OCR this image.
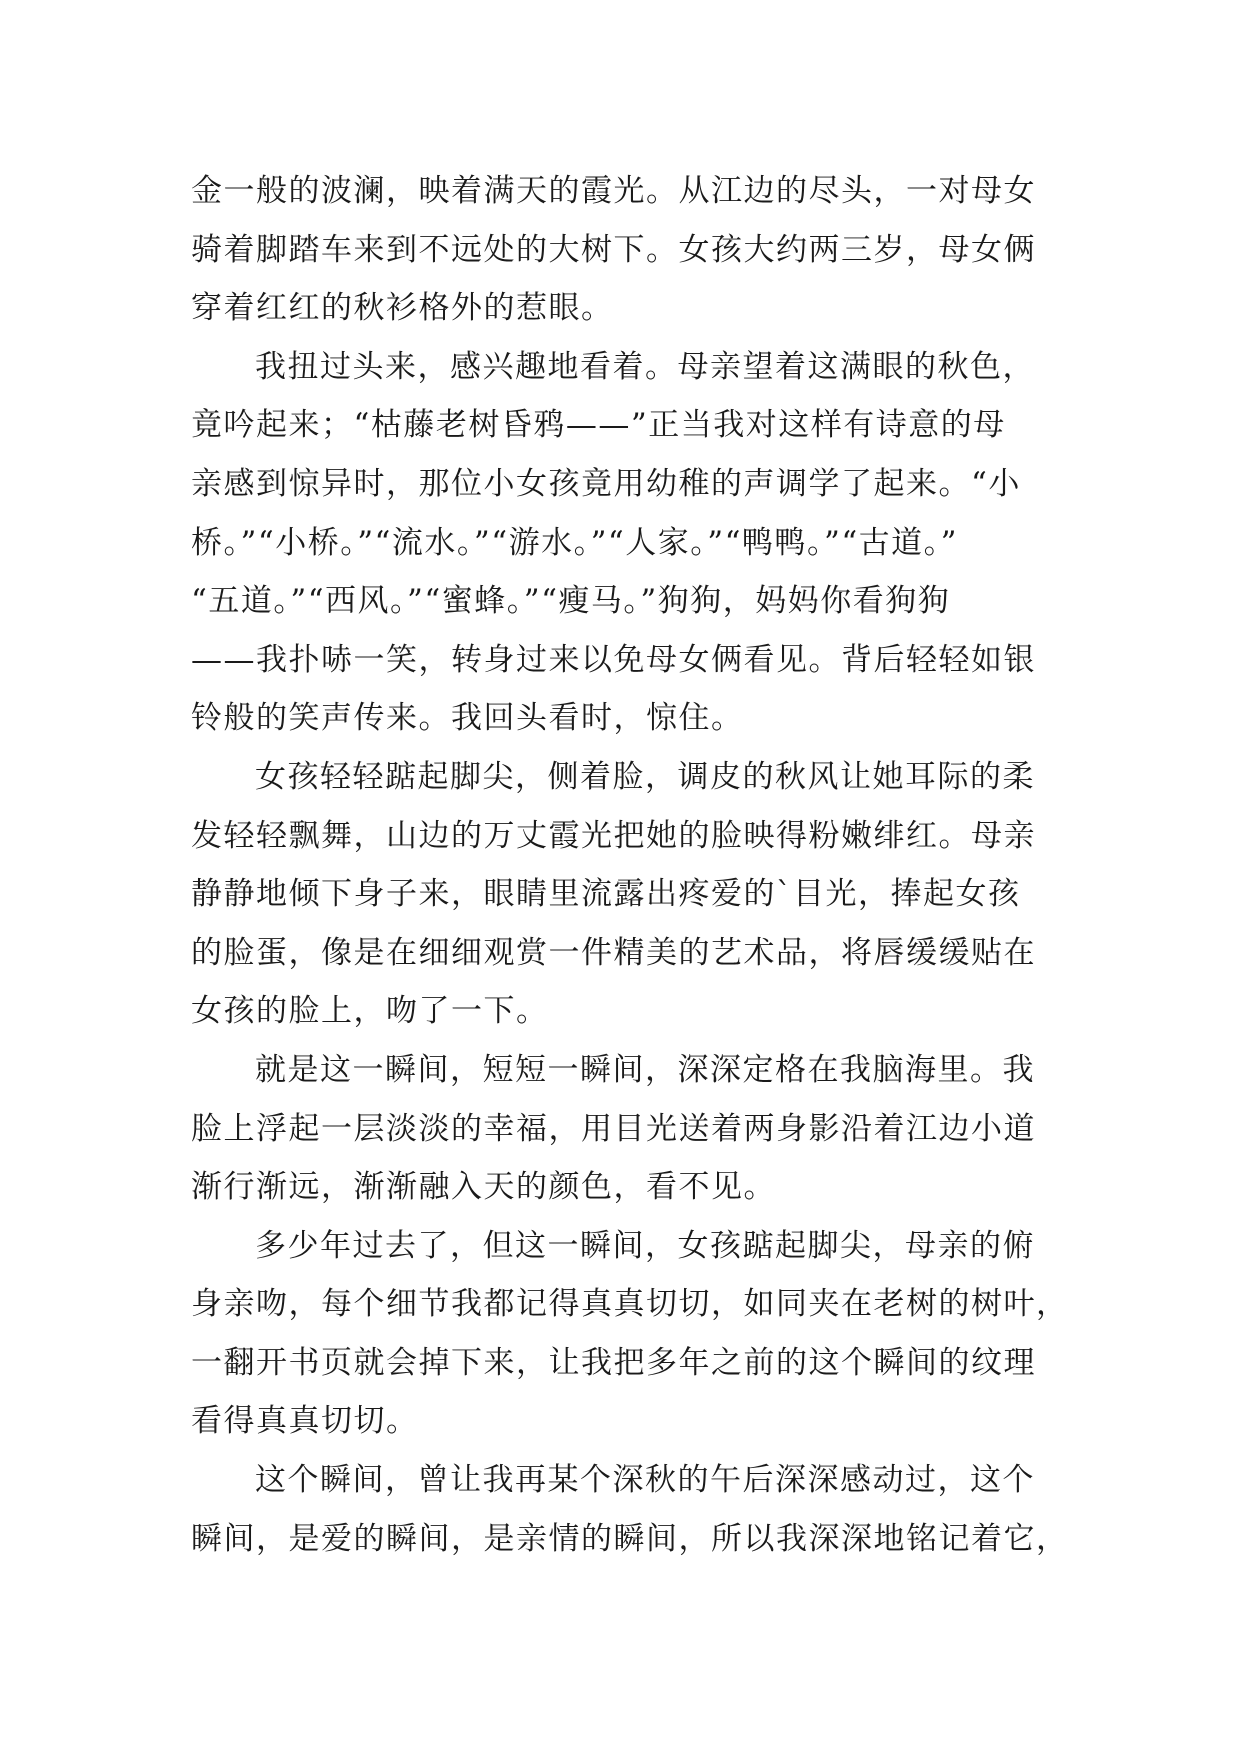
金一般的波澜，映着满天的霞光。从江边的尽头，一对母女
骑着脚踏车来到不远处的大树下。女孩大约两三岁，母女俩
穿着红红的秋衫格外的惹眼。
我扭过头来，感兴趣地看着。母亲望着这满眼的秋色，
竟吟起来；“枯藤老树昏鸦——”正当我对这样有诗意的母
亲感到惊异时，那位小女孩竟用幼稚的声调学了起来。“小
桥。”“小桥。”“流水。”“游水。”“人家。”“鸭鸭。”“古道。”
“五道。”“西风。”“蜜蜂。”“瘦马。”狗狗，妈妈你看狗狗
——我扑哧一笑，转身过来以免母女俩看见。背后轻轻如银
铃般的笑声传来。我回头看时，惊住。
女孩轻轻踮起脚尖，侧着脸，调皮的秋风让她耳际的柔
发轻轻飘舞，山边的万丈霞光把她的脸映得粉嫩绯红。母亲
静静地倾下身子来，眼睛里流露出疼爱的`目光，捧起女孩
的脸蛋，像是在细细观赏一件精美的艺术品，将唇缓缓贴在
女孩的脸上，吻了一下。
就是这一瞬间，短短一瞬间，深深定格在我脑海里。我
脸上浮起一层淡淡的幸福，用目光送着两身影沿着江边小道
渐行渐远，渐渐融入天的颜色，看不见。
多少年过去了，但这一瞬间，女孩踮起脚尖，母亲的俯
身亲吻，每个细节我都记得真真切切，如同夹在老树的树叶，
一翻开书页就会掉下来，让我把多年之前的这个瞬间的纹理
看得真真切切。
这个瞬间，曾让我再某个深秋的午后深深感动过，这个
瞬间，是爱的瞬间，是亲情的瞬间，所以我深深地铭记着它，
